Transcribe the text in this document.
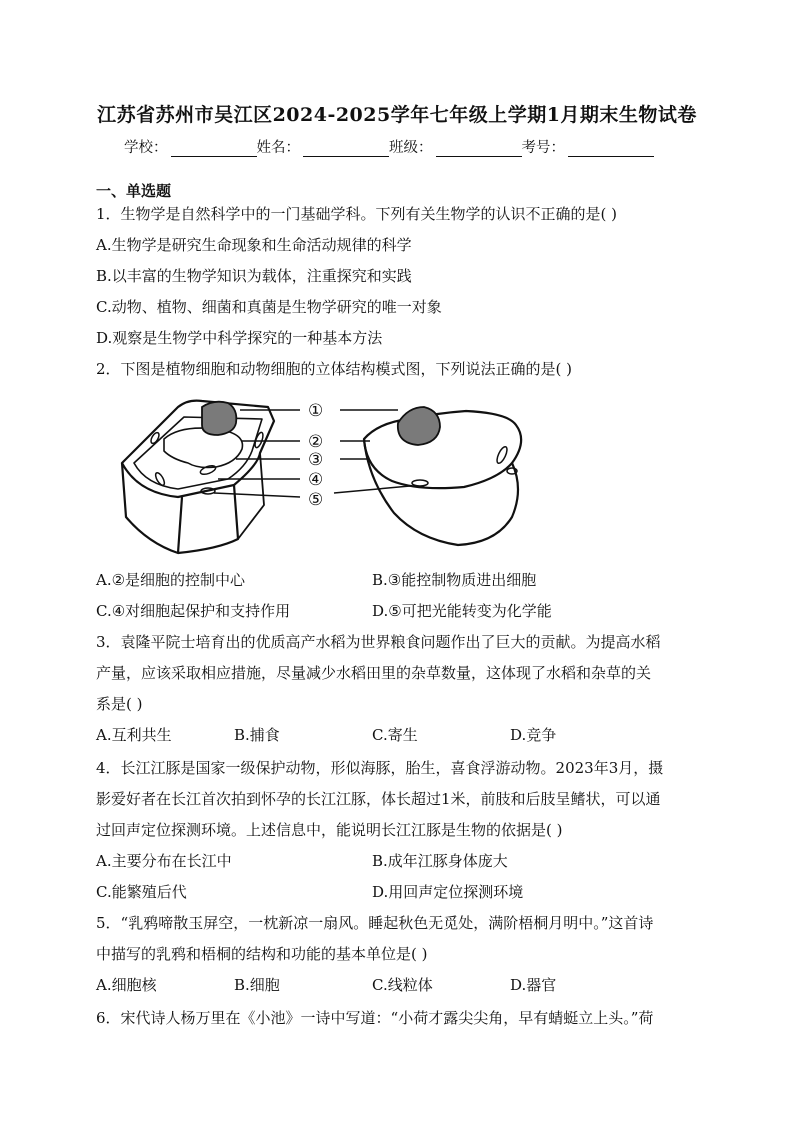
江苏省苏州市吴江区2024-2025学年七年级上学期1月期末生物试卷
学校：	姓名：	班级：	考号：
一、单选题
1．生物学是自然科学中的一门基础学科。下列有关生物学的认识不正确的是( )
A.生物学是研究生命现象和生命活动规律的科学
B.以丰富的生物学知识为载体，注重探究和实践
C.动物、植物、细菌和真菌是生物学研究的唯一对象
D.观察是生物学中科学探究的一种基本方法
2．下图是植物细胞和动物细胞的立体结构模式图，下列说法正确的是( )
①
②
③
④
⑤
A.②是细胞的控制中心	B.③能控制物质进出细胞
C.④对细胞起保护和支持作用	D.⑤可把光能转变为化学能
3．袁隆平院士培育出的优质高产水稻为世界粮食问题作出了巨大的贡献。为提高水稻
产量，应该采取相应措施，尽量减少水稻田里的杂草数量，这体现了水稻和杂草的关
系是( )
A.互利共生	B.捕食	C.寄生	D.竞争
4．长江江豚是国家一级保护动物，形似海豚，胎生，喜食浮游动物。2023年3月，摄
影爱好者在长江首次拍到怀孕的长江江豚，体长超过1米，前肢和后肢呈鳍状，可以通
过回声定位探测环境。上述信息中，能说明长江江豚是生物的依据是( )
A.主要分布在长江中	B.成年江豚身体庞大
C.能繁殖后代	D.用回声定位探测环境
5．“乳鸦啼散玉屏空，一枕新凉一扇风。睡起秋色无觅处，满阶梧桐月明中。”这首诗
中描写的乳鸦和梧桐的结构和功能的基本单位是( )
A.细胞核	B.细胞	C.线粒体	D.器官
6．宋代诗人杨万里在《小池》一诗中写道：“小荷才露尖尖角，早有蜻蜓立上头。”荷
